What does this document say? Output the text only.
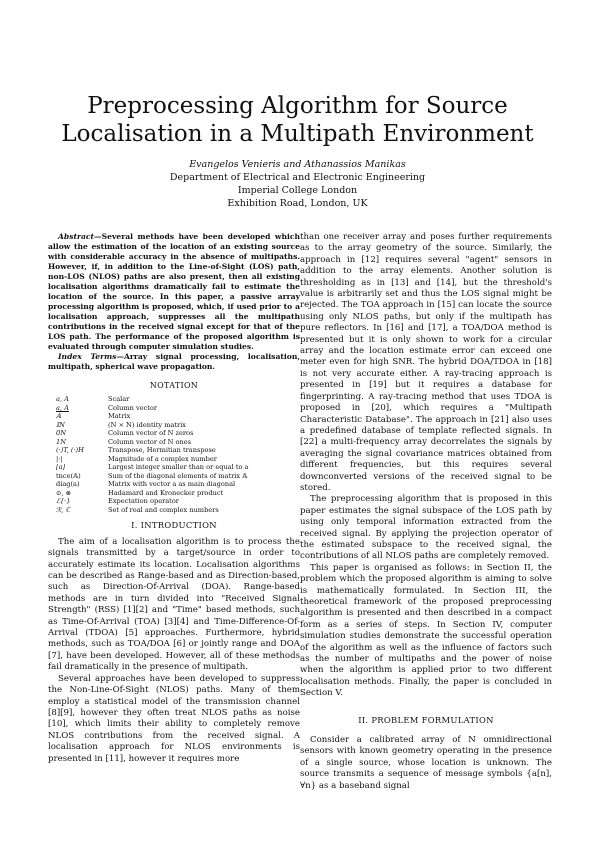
Preprocessing Algorithm for Source Localisation in a Multipath Environment
Evangelos Venieris and Athanassios Manikas
Department of Electrical and Electronic Engineering
Imperial College London
Exhibition Road, London, UK

Abstract—Several methods have been developed which allow the estimation of the location of an existing source with considerable accuracy in the absence of multipaths. However, if, in addition to the Line-of-Sight (LOS) path, non-LOS (NLOS) paths are also present, then all existing localisation algorithms dramatically fail to estimate the location of the source. In this paper, a passive array processing algorithm is proposed, which, if used prior to a localisation approach, suppresses all the multipath contributions in the received signal except for that of the LOS path. The performance of the proposed algorithm is evaluated through computer simulation studies.

Index Terms—Array signal processing, localisation, multipath, spherical wave propagation.

NOTATION
a, A	Scalar
a, A	Column vector
𝔸	Matrix
𝕀N	(N × N) identity matrix
0N	Column vector of N zeros
1N	Column vector of N ones
(·)T, (·)H	Transpose, Hermitian transpose
|·|	Magnitude of a complex number
⌊a⌋	Largest integer smaller than or equal to a
tnce(𝔸)	Sum of the diagonal elements of matrix 𝔸
diag(a)	Matrix with vector a as main diagonal
⊙, ⊗	Hadamard and Kronecker product
ℰ{·}	Expectation operator
ℛ, ℂ	Set of real and complex numbers
I. INTRODUCTION

The aim of a localisation algorithm is to process the signals transmitted by a target/source in order to accurately estimate its location. Localisation algorithms can be described as Range-based and as Direction-based, such as Direction-Of-Arrival (DOA). Range-based methods are in turn divided into "Received Signal Strength" (RSS) [1][2] and "Time" based methods, such as Time-Of-Arrival (TOA) [3][4] and Time-Difference-Of-Arrival (TDOA) [5] approaches. Furthermore, hybrid methods, such as TOA/DOA [6] or jointly range and DOA [7], have been developed. However, all of these methods fail dramatically in the presence of multipath.

Several approaches have been developed to suppress the Non-Line-Of-Sight (NLOS) paths. Many of them employ a statistical model of the transmission channel [8][9], however they often treat NLOS paths as noise [10], which limits their ability to completely remove NLOS contributions from the received signal. A localisation approach for NLOS environments is presented in [11], however it requires more

than one receiver array and poses further requirements as to the array geometry of the source. Similarly, the approach in [12] requires several "agent" sensors in addition to the array elements. Another solution is thresholding as in [13] and [14], but the threshold's value is arbitrarily set and thus the LOS signal might be rejected. The TOA approach in [15] can locate the source using only NLOS paths, but only if the multipath has pure reflectors. In [16] and [17], a TOA/DOA method is presented but it is only shown to work for a circular array and the location estimate error can exceed one meter even for high SNR. The hybrid DOA/TDOA in [18] is not very accurate either. A ray-tracing approach is presented in [19] but it requires a database for fingerprinting. A ray-tracing method that uses TDOA is proposed in [20], which requires a "Multipath Characteristic Database". The approach in [21] also uses a predefined database of template reflected signals. In [22] a multi-frequency array decorrelates the signals by averaging the signal covariance matrices obtained from different frequencies, but this requires several downconverted versions of the received signal to be stored.

The preprocessing algorithm that is proposed in this paper estimates the signal subspace of the LOS path by using only temporal information extracted from the received signal. By applying the projection operator of the estimated subspace to the received signal, the contributions of all NLOS paths are completely removed.

This paper is organised as follows: in Section II, the problem which the proposed algorithm is aiming to solve is mathematically formulated. In Section III, the theoretical framework of the proposed preprocessing algorithm is presented and then described in a compact form as a series of steps. In Section IV, computer simulation studies demonstrate the successful operation of the algorithm as well as the influence of factors such as the number of multipaths and the power of noise when the algorithm is applied prior to two different localisation methods. Finally, the paper is concluded in Section V.

II. PROBLEM FORMULATION

Consider a calibrated array of N omnidirectional sensors with known geometry operating in the presence of a single source, whose location is unknown. The source transmits a sequence of message symbols {a[n], ∀n} as a baseband signal
